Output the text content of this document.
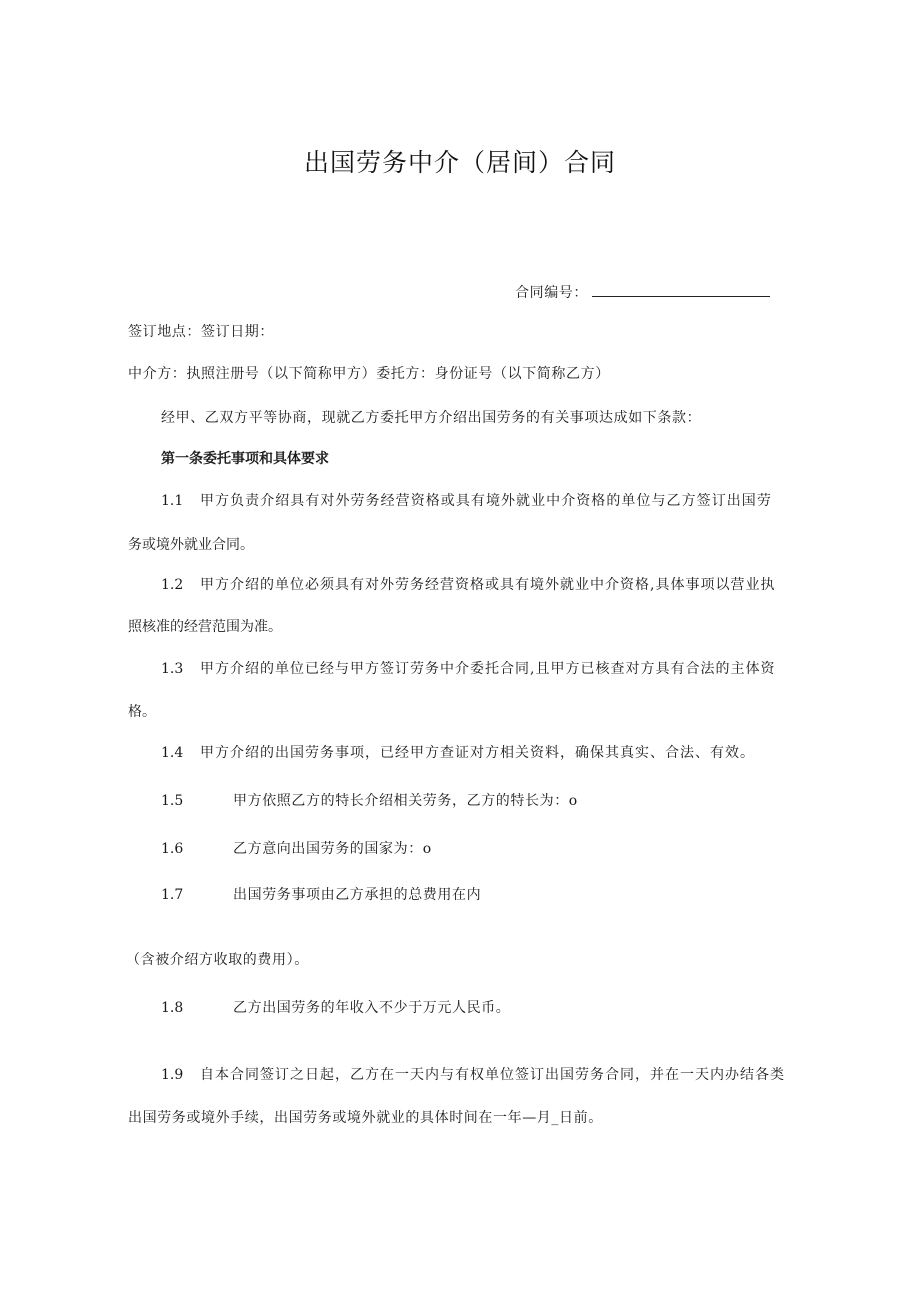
出国劳务中介（居间）合同
合同编号：
签订地点：签订日期：
中介方：执照注册号（以下简称甲方）委托方：身份证号（以下简称乙方）
经甲、乙双方平等协商，现就乙方委托甲方介绍出国劳务的有关事项达成如下条款：
第一条委托事项和具体要求
1.1 甲方负责介绍具有对外劳务经营资格或具有境外就业中介资格的单位与乙方签订出国劳
务或境外就业合同。
1.2 甲方介绍的单位必须具有对外劳务经营资格或具有境外就业中介资格,具体事项以营业执
照核准的经营范围为准。
1.3 甲方介绍的单位已经与甲方签订劳务中介委托合同,且甲方已核查对方具有合法的主体资
格。
1.4 甲方介绍的出国劳务事项，已经甲方查证对方相关资料，确保其真实、合法、有效。
1.5	甲方依照乙方的特长介绍相关劳务，乙方的特长为：o
1.6	乙方意向出国劳务的国家为：o
1.7	出国劳务事项由乙方承担的总费用在内
（含被介绍方收取的费用）。
1.8	乙方出国劳务的年收入不少于万元人民币。
1.9 自本合同签订之日起，乙方在一天内与有权单位签订出国劳务合同，并在一天内办结各类
出国劳务或境外手续，出国劳务或境外就业的具体时间在一年—月_日前。
